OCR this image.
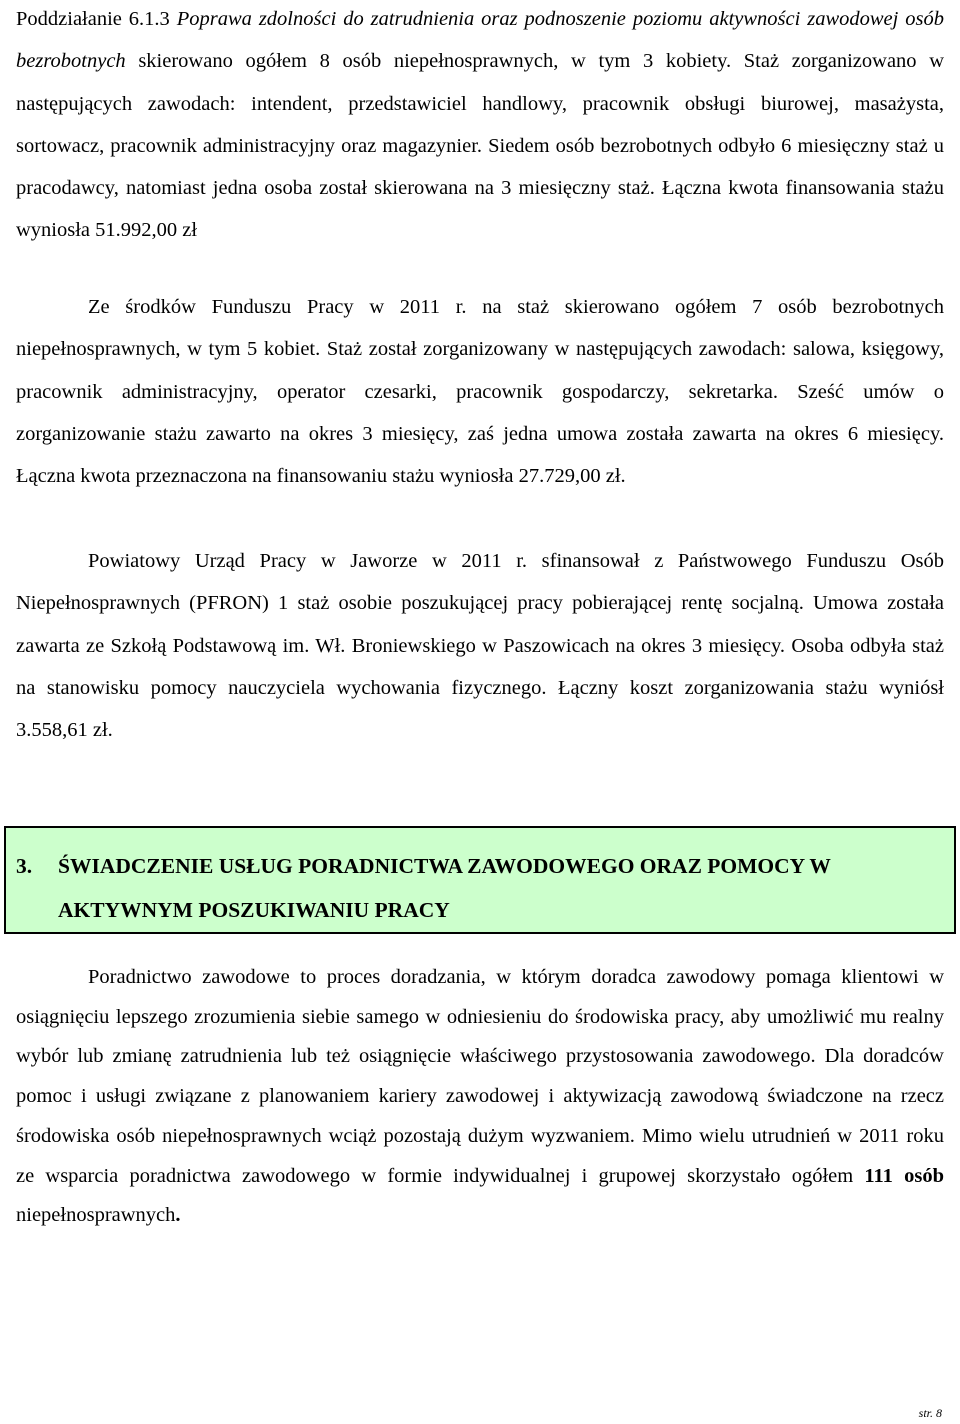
Poddziałanie 6.1.3 Poprawa zdolności do zatrudnienia oraz podnoszenie poziomu aktywności zawodowej osób bezrobotnych skierowano ogółem 8 osób niepełnosprawnych, w tym 3 kobiety. Staż zorganizowano w następujących zawodach: intendent, przedstawiciel handlowy, pracownik obsługi biurowej, masażysta, sortowacz, pracownik administracyjny oraz magazynier. Siedem osób bezrobotnych odbyło 6 miesięczny staż u pracodawcy, natomiast jedna osoba został skierowana na 3 miesięczny staż. Łączna kwota finansowania stażu wyniosła 51.992,00 zł

Ze środków Funduszu Pracy w 2011 r. na staż skierowano ogółem 7 osób bezrobotnych niepełnosprawnych, w tym 5 kobiet. Staż został zorganizowany w następujących zawodach: salowa, księgowy, pracownik administracyjny, operator czesarki, pracownik gospodarczy, sekretarka. Sześć umów o zorganizowanie stażu zawarto na okres 3 miesięcy, zaś jedna umowa została zawarta na okres 6 miesięcy. Łączna kwota przeznaczona na finansowaniu stażu wyniosła 27.729,00 zł.

Powiatowy Urząd Pracy w Jaworze w 2011 r. sfinansował z Państwowego Funduszu Osób Niepełnosprawnych (PFRON) 1 staż osobie poszukującej pracy pobierającej rentę socjalną. Umowa została zawarta ze Szkołą Podstawową im. Wł. Broniewskiego w Paszowicach na okres 3 miesięcy. Osoba odbyła staż na stanowisku pomocy nauczyciela wychowania fizycznego. Łączny koszt zorganizowania stażu wyniósł 3.558,61 zł.

3. ŚWIADCZENIE USŁUG PORADNICTWA ZAWODOWEGO ORAZ POMOCY W AKTYWNYM POSZUKIWANIU PRACY

Poradnictwo zawodowe to proces doradzania, w którym doradca zawodowy pomaga klientowi w osiągnięciu lepszego zrozumienia siebie samego w odniesieniu do środowiska pracy, aby umożliwić mu realny wybór lub zmianę zatrudnienia lub też osiągnięcie właściwego przystosowania zawodowego. Dla doradców pomoc i usługi związane z planowaniem kariery zawodowej i aktywizacją zawodową świadczone na rzecz środowiska osób niepełnosprawnych wciąż pozostają dużym wyzwaniem. Mimo wielu utrudnień w 2011 roku ze wsparcia poradnictwa zawodowego w formie indywidualnej i grupowej skorzystało ogółem 111 osób niepełnosprawnych.

str. 8
